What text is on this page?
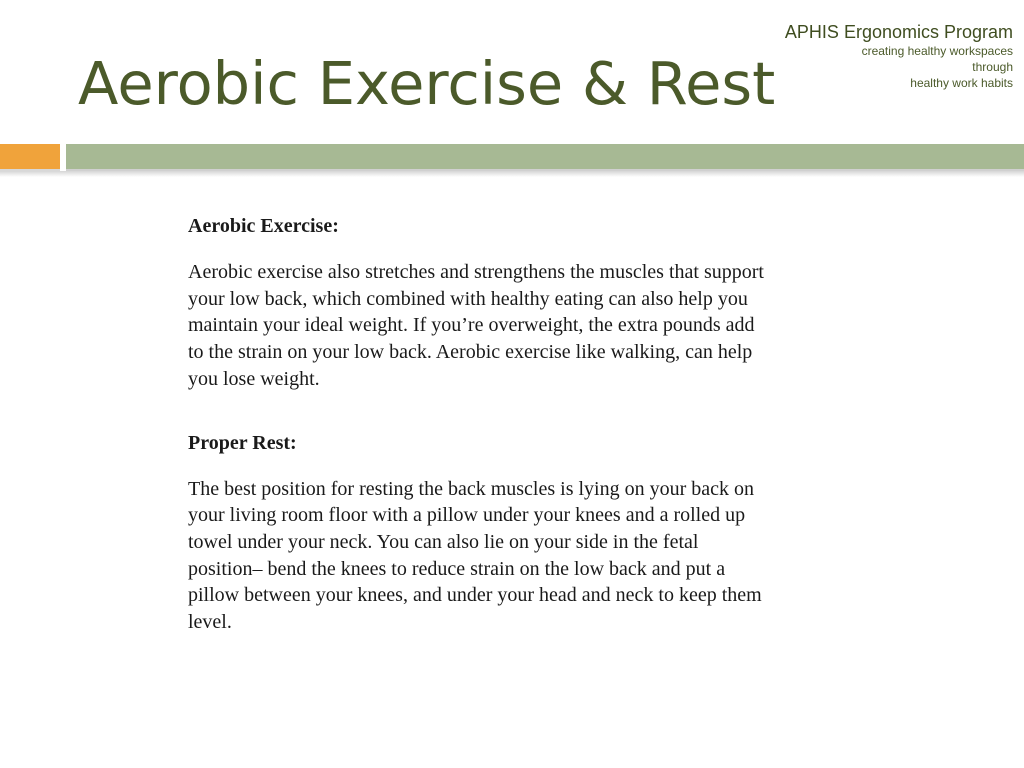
Aerobic Exercise & Rest
APHIS Ergonomics Program
creating healthy workspaces
through
healthy work habits
Aerobic Exercise:

Aerobic exercise also stretches and strengthens the muscles that support
your low back, which combined with healthy eating can also help you
maintain your ideal weight. If you’re overweight, the extra pounds add
to the strain on your low back. Aerobic exercise like walking, can help
you lose weight.

Proper Rest:

The best position for resting the back muscles is lying on your back on
your living room floor with a pillow under your knees and a rolled up
towel under your neck. You can also lie on your side in the fetal
position– bend the knees to reduce strain on the low back and put a
pillow between your knees, and under your head and neck to keep them
level.
